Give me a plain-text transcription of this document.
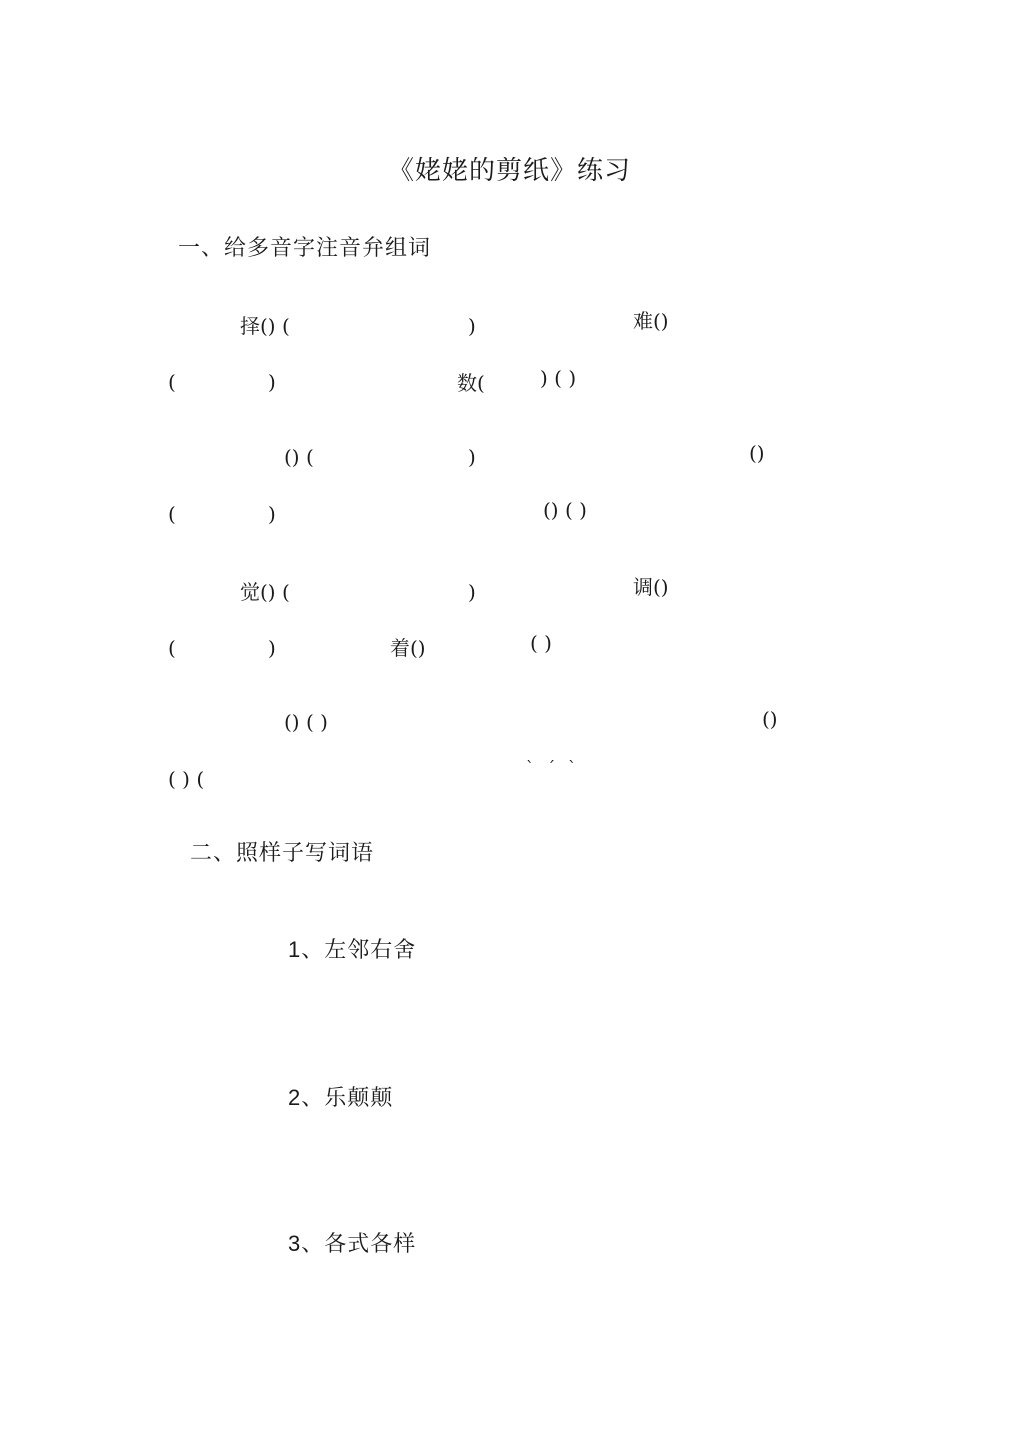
《姥姥的剪纸》练习
一、给多音字注音弁组词
择() (	)	难()
(	)	数(	) ( )
() (	)	()
(	)	() ( )
觉() (	)	调()
(	)	着()	( )
() ( )	()
( ) (	` ´ `
二、照样子写词语

1、左邻右舍

2、乐颠颠

3、各式各样
